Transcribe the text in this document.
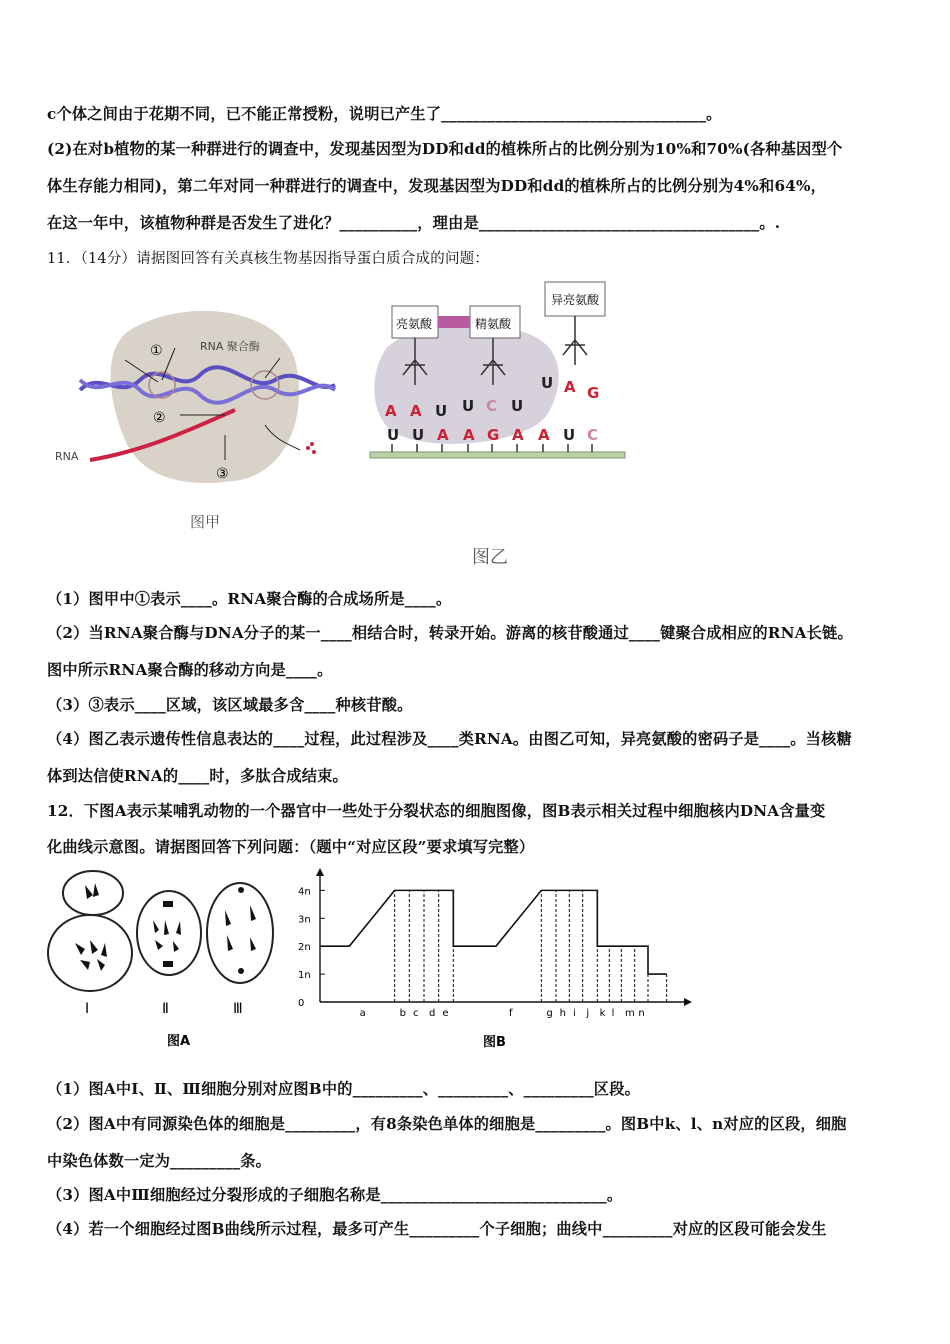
c个体之间由于花期不同，已不能正常授粉，说明已产生了__________________________________。
(2)在对b植物的某一种群进行的调查中，发现基因型为DD和dd的植株所占的比例分别为10%和70%(各种基因型个
体生存能力相同)，第二年对同一种群进行的调查中，发现基因型为DD和dd的植株所占的比例分别为4%和64%，
在这一年中，该植物种群是否发生了进化？__________，理由是____________________________________。.
11．（14分）请据图回答有关真核生物基因指导蛋白质合成的问题：
①
②
③
RNA 聚合酶
RNA
图甲
亮氨酸	精氨酸
异亮氨酸
A A U U C U
U A G
U U A A G A A U C
图乙
（1）图甲中①表示____。RNA聚合酶的合成场所是____。
（2）当RNA聚合酶与DNA分子的某一____相结合时，转录开始。游离的核苷酸通过____键聚合成相应的RNA长链。
图中所示RNA聚合酶的移动方向是____。
（3）③表示____区域，该区域最多含____种核苷酸。
（4）图乙表示遗传性信息表达的____过程，此过程涉及____类RNA。由图乙可知，异亮氨酸的密码子是____。当核糖
体到达信使RNA的____时，多肽合成结束。
12．下图A表示某哺乳动物的一个器官中一些处于分裂状态的细胞图像，图B表示相关过程中细胞核内DNA含量变
化曲线示意图。请据图回答下列问题：（题中“对应区段”要求填写完整）
Ⅰ	Ⅱ	Ⅲ
图A
4n
3n
2n
1n
0
a	b c d e	f	g h i j k l m n
图B
（1）图A中Ⅰ、Ⅱ、Ⅲ细胞分别对应图B中的_________、_________、_________区段。
（2）图A中有同源染色体的细胞是_________，有8条染色单体的细胞是_________。图B中k、l、n对应的区段，细胞
中染色体数一定为_________条。
（3）图A中Ⅲ细胞经过分裂形成的子细胞名称是_____________________________。
（4）若一个细胞经过图B曲线所示过程，最多可产生_________个子细胞；曲线中_________对应的区段可能会发生
